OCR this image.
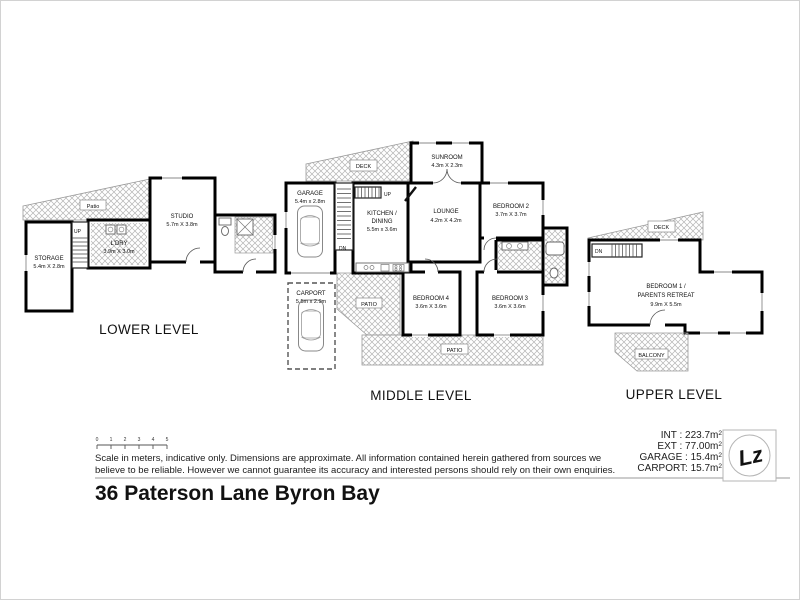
Patio
UP
STORAGE
5.4m X 2.8m
L'DRY
3.9m X 3.0m
STUDIO
5.7m X 3.8m
LOWER LEVEL
DECK
PATIO
PATIO
DN
UP
GARAGE
5.4m x 2.8m
KITCHEN /
DINING
5.5m x 3.6m
LOUNGE
4.2m X 4.2m
SUNROOM
4.3m X 2.3m
BEDROOM 2
3.7m X 3.7m
BEDROOM 4
3.6m X 3.6m
BEDROOM 3
3.6m X 3.6m
CARPORT
5.5m x 2.9m
MIDDLE LEVEL
DECK
BALCONY
DN
BEDROOM 1 /
PARENTS RETREAT
9.9m X 5.5m
UPPER LEVEL
0 1 2 3 4 5
Scale in meters, indicative only. Dimensions are approximate. All information contained herein gathered from sources we
believe to be reliable. However we cannot guarantee its accuracy and interested persons should rely on their own enquiries.
36 Paterson Lane Byron Bay
INT : $223.7m^2$
EXT : $77.00m^2$
GARAGE : $15.4m^2$
CARPORT: $15.7m^2$ Lz
